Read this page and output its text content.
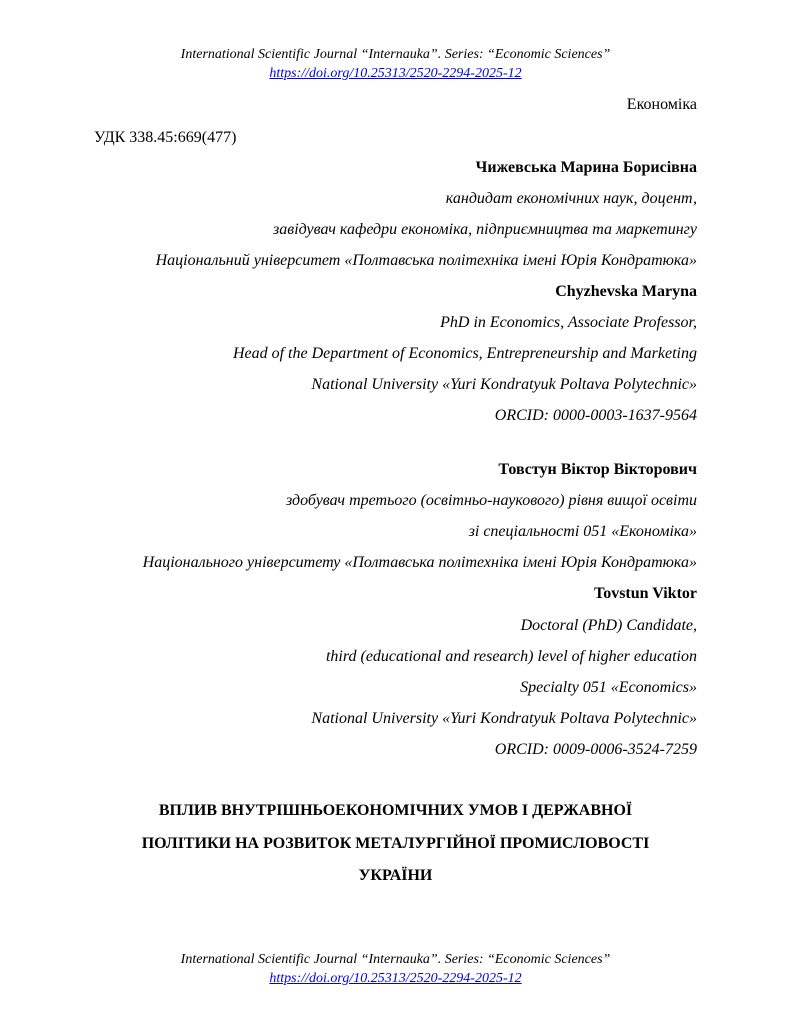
International Scientific Journal “Internauka”. Series: “Economic Sciences”
https://doi.org/10.25313/2520-2294-2025-12
Економіка
УДК 338.45:669(477)
Чижевська Марина Борисівна
кандидат економічних наук, доцент,
завідувач кафедри економіка, підприємництва та маркетингу
Національний університет «Полтавська політехніка імені Юрія Кондратюка»
Chyzhevska Maryna
PhD in Economics, Associate Professor,
Head of the Department of Economics, Entrepreneurship and Marketing
National University «Yuri Kondratyuk Poltava Polytechnic»
ORCID: 0000-0003-1637-9564
Товстун Віктор Вікторович
здобувач третього (освітньо-наукового) рівня вищої освіти
зі спеціальності 051 «Економіка»
Національного університету «Полтавська політехніка імені Юрія Кондратюка»
Tovstun Viktor
Doctoral (PhD) Candidate,
third (educational and research) level of higher education
Specialty 051 «Economics»
National University «Yuri Kondratyuk Poltava Polytechnic»
ORCID: 0009-0006-3524-7259
ВПЛИВ ВНУТРІШНЬОЕКОНОМІЧНИХ УМОВ І ДЕРЖАВНОЇ
ПОЛІТИКИ НА РОЗВИТОК МЕТАЛУРГІЙНОЇ ПРОМИСЛОВОСТІ
УКРАЇНИ
International Scientific Journal “Internauka”. Series: “Economic Sciences”
https://doi.org/10.25313/2520-2294-2025-12
